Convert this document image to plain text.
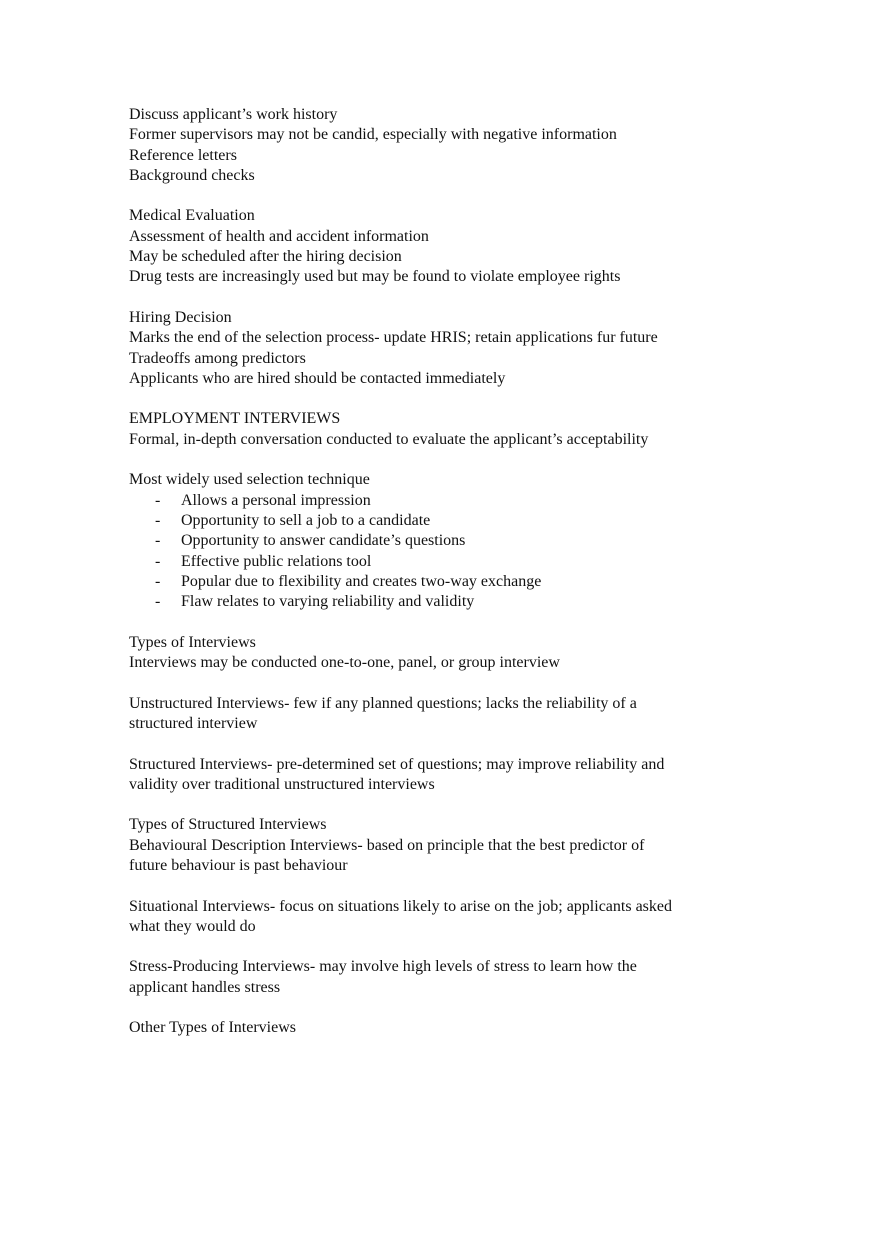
Discuss applicant’s work history
Former supervisors may not be candid, especially with negative information
Reference letters
Background checks
Medical Evaluation
Assessment of health and accident information
May be scheduled after the hiring decision
Drug tests are increasingly used but may be found to violate employee rights
Hiring Decision
Marks the end of the selection process- update HRIS; retain applications fur future
Tradeoffs among predictors
Applicants who are hired should be contacted immediately
EMPLOYMENT INTERVIEWS
Formal, in-depth conversation conducted to evaluate the applicant’s acceptability
Most widely used selection technique
- Allows a personal impression
- Opportunity to sell a job to a candidate
- Opportunity to answer candidate’s questions
- Effective public relations tool
- Popular due to flexibility and creates two-way exchange
- Flaw relates to varying reliability and validity
Types of Interviews
Interviews may be conducted one-to-one, panel, or group interview
Unstructured Interviews- few if any planned questions; lacks the reliability of a
structured interview
Structured Interviews- pre-determined set of questions; may improve reliability and
validity over traditional unstructured interviews
Types of Structured Interviews
Behavioural Description Interviews- based on principle that the best predictor of
future behaviour is past behaviour
Situational Interviews- focus on situations likely to arise on the job; applicants asked
what they would do
Stress-Producing Interviews- may involve high levels of stress to learn how the
applicant handles stress
Other Types of Interviews
